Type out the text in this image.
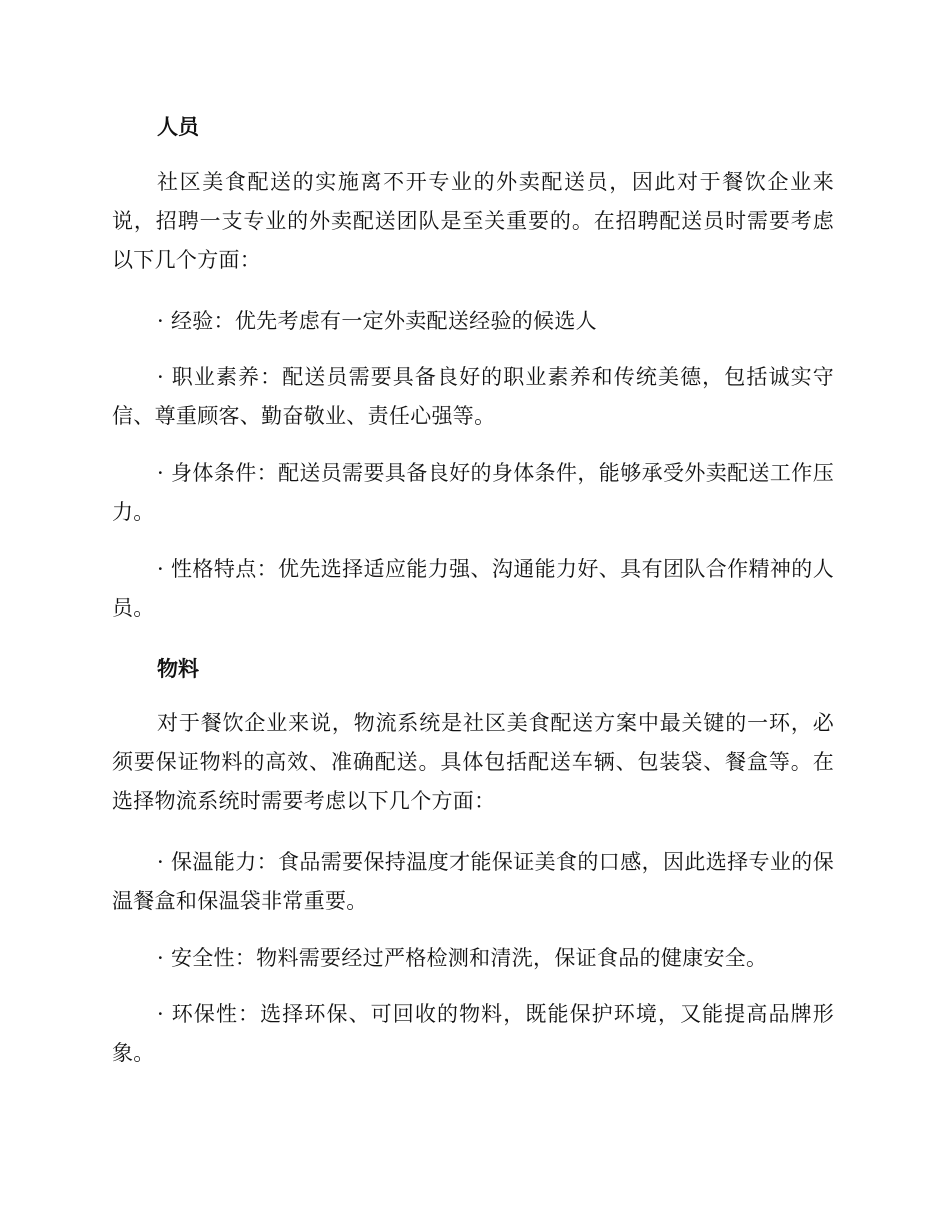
人员

社区美食配送的实施离不开专业的外卖配送员，因此对于餐饮企业来说，招聘一支专业的外卖配送团队是至关重要的。在招聘配送员时需要考虑以下几个方面：

· 经验：优先考虑有一定外卖配送经验的候选人

· 职业素养：配送员需要具备良好的职业素养和传统美德，包括诚实守信、尊重顾客、勤奋敬业、责任心强等。

· 身体条件：配送员需要具备良好的身体条件，能够承受外卖配送工作压力。

· 性格特点：优先选择适应能力强、沟通能力好、具有团队合作精神的人员。

物料

对于餐饮企业来说，物流系统是社区美食配送方案中最关键的一环，必须要保证物料的高效、准确配送。具体包括配送车辆、包装袋、餐盒等。在选择物流系统时需要考虑以下几个方面：

· 保温能力：食品需要保持温度才能保证美食的口感，因此选择专业的保温餐盒和保温袋非常重要。

· 安全性：物料需要经过严格检测和清洗，保证食品的健康安全。

· 环保性：选择环保、可回收的物料，既能保护环境，又能提高品牌形象。
